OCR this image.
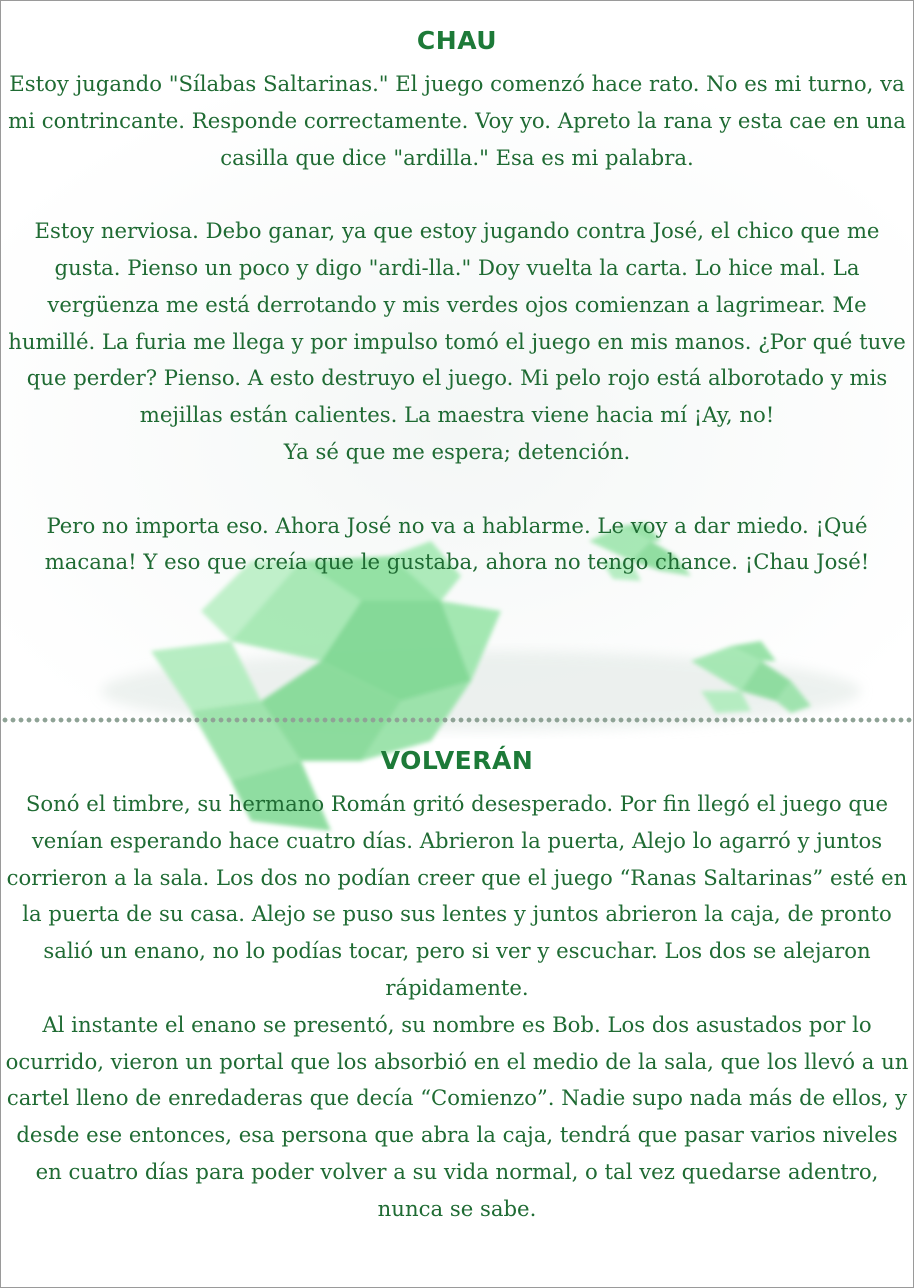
CHAU

Estoy jugando "Sílabas Saltarinas." El juego comenzó hace rato. No es mi turno, va mi contrincante. Responde correctamente. Voy yo. Apreto la rana y esta cae en una casilla que dice "ardilla." Esa es mi palabra.

Estoy nerviosa. Debo ganar, ya que estoy jugando contra José, el chico que me gusta. Pienso un poco y digo "ardi-lla." Doy vuelta la carta. Lo hice mal. La vergüenza me está derrotando y mis verdes ojos comienzan a lagrimear. Me humillé. La furia me llega y por impulso tomó el juego en mis manos. ¿Por qué tuve que perder? Pienso. A esto destruyo el juego. Mi pelo rojo está alborotado y mis mejillas están calientes. La maestra viene hacia mí ¡Ay, no!

Ya sé que me espera; detención.

Pero no importa eso. Ahora José no va a hablarme. Le voy a dar miedo. ¡Qué macana! Y eso que creía que le gustaba, ahora no tengo chance. ¡Chau José!

VOLVERÁN

Sonó el timbre, su hermano Román gritó desesperado. Por fin llegó el juego que venían esperando hace cuatro días. Abrieron la puerta, Alejo lo agarró y juntos corrieron a la sala. Los dos no podían creer que el juego “Ranas Saltarinas” esté en la puerta de su casa. Alejo se puso sus lentes y juntos abrieron la caja, de pronto salió un enano, no lo podías tocar, pero si ver y escuchar. Los dos se alejaron rápidamente.

Al instante el enano se presentó, su nombre es Bob. Los dos asustados por lo ocurrido, vieron un portal que los absorbió en el medio de la sala, que los llevó a un cartel lleno de enredaderas que decía “Comienzo”. Nadie supo nada más de ellos, y desde ese entonces, esa persona que abra la caja, tendrá que pasar varios niveles en cuatro días para poder volver a su vida normal, o tal vez quedarse adentro, nunca se sabe.
